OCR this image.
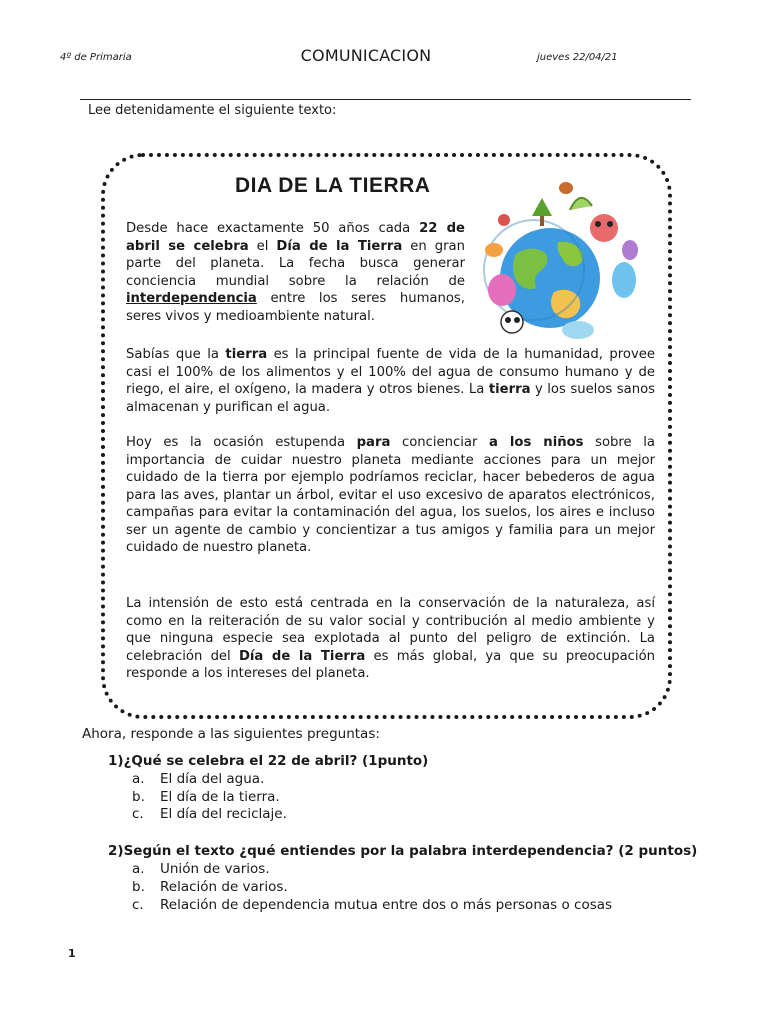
4º de Primaria	COMUNICACION	jueves 22/04/21
Lee detenidamente el siguiente texto:
DIA DE LA TIERRA

Desde hace exactamente 50 años cada 22 de abril se celebra el Día de la Tierra en gran parte del planeta. La fecha busca generar conciencia mundial sobre la relación de interdependencia entre los seres humanos, seres vivos y medioambiente natural.

Sabías que la tierra es la principal fuente de vida de la humanidad, provee casi el 100% de los alimentos y el 100% del agua de consumo humano y de riego, el aire, el oxígeno, la madera y otros bienes. La tierra y los suelos sanos almacenan y purifican el agua.

Hoy es la ocasión estupenda para concienciar a los niños sobre la importancia de cuidar nuestro planeta mediante acciones para un mejor cuidado de la tierra por ejemplo podríamos reciclar, hacer bebederos de agua para las aves, plantar un árbol, evitar el uso excesivo de aparatos electrónicos, campañas para evitar la contaminación del agua, los suelos, los aires e incluso ser un agente de cambio y concientizar a tus amigos y familia para un mejor cuidado de nuestro planeta.

La intensión de esto está centrada en la conservación de la naturaleza, así como en la reiteración de su valor social y contribución al medio ambiente y que ninguna especie sea explotada al punto del peligro de extinción. La celebración del Día de la Tierra es más global, ya que su preocupación responde a los intereses del planeta.

Ahora, responde a las siguientes preguntas:
1)¿Qué se celebra el 22 de abril? (1punto)
a. El día del agua.
b. El día de la tierra.
c. El día del reciclaje.
2)Según el texto ¿qué entiendes por la palabra interdependencia? (2 puntos)
a. Unión de varios.
b. Relación de varios.
c. Relación de dependencia mutua entre dos o más personas o cosas
1
